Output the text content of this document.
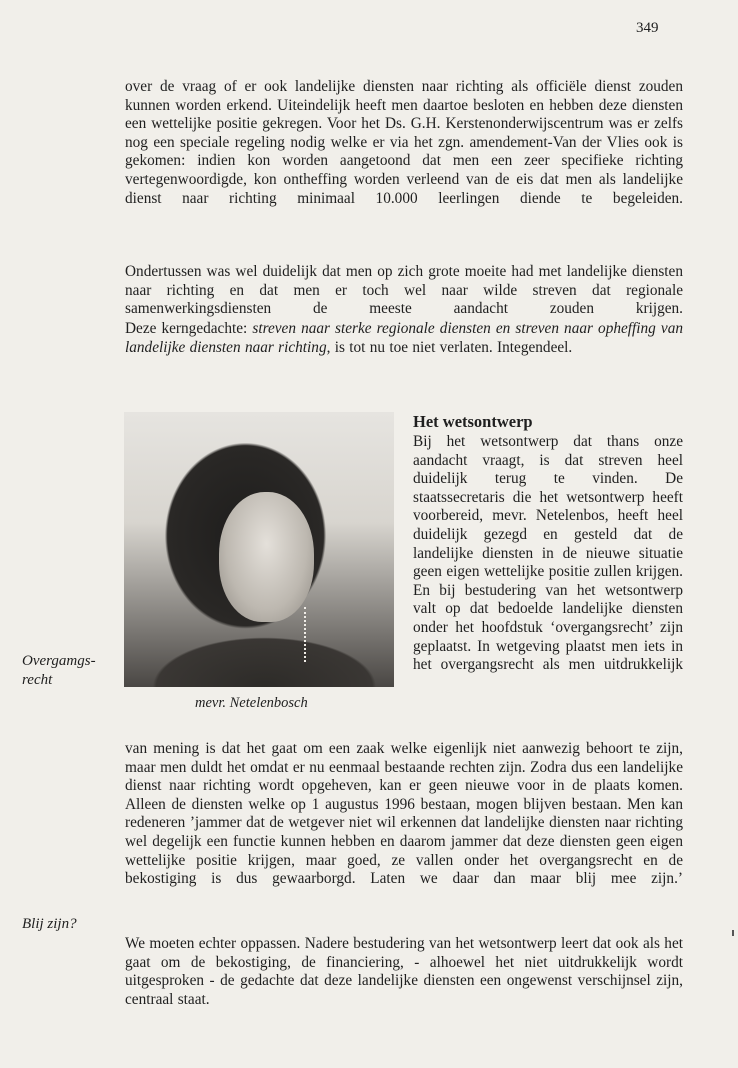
349

over de vraag of er ook landelijke diensten naar richting als officiële dienst zouden kunnen worden erkend. Uiteindelijk heeft men daartoe besloten en hebben deze diensten een wettelijke positie gekregen. Voor het Ds. G.H. Kerstenonderwijscentrum was er zelfs nog een speciale regeling nodig welke er via het zgn. amendement-Van der Vlies ook is gekomen: indien kon worden aangetoond dat men een zeer specifieke richting vertegenwoordigde, kon ontheffing worden verleend van de eis dat men als landelijke dienst naar richting minimaal 10.000 leerlingen diende te begeleiden.

Ondertussen was wel duidelijk dat men op zich grote moeite had met landelijke diensten naar richting en dat men er toch wel naar wilde streven dat regionale samenwerkingsdiensten de meeste aandacht zouden krijgen.

Deze kerngedachte: streven naar sterke regionale diensten en streven naar opheffing van landelijke diensten naar richting, is tot nu toe niet verlaten. Integendeel.

mevr. Netelenbosch
Het wetsontwerp

Bij het wetsontwerp dat thans onze aandacht vraagt, is dat streven heel duidelijk terug te vinden. De staatssecretaris die het wetsontwerp heeft voorbereid, mevr. Netelenbos, heeft heel duidelijk gezegd en gesteld dat de landelijke diensten in de nieuwe situatie geen eigen wettelijke positie zullen krijgen. En bij bestudering van het wetsontwerp valt op dat bedoelde landelijke diensten onder het hoofdstuk ‘overgangsrecht’ zijn geplaatst. In wetgeving plaatst men iets in het overgangsrecht als men uitdrukkelijk

van mening is dat het gaat om een zaak welke eigenlijk niet aanwezig behoort te zijn, maar men duldt het omdat er nu eenmaal bestaande rechten zijn. Zodra dus een landelijke dienst naar richting wordt opgeheven, kan er geen nieuwe voor in de plaats komen. Alleen de diensten welke op 1 augustus 1996 bestaan, mogen blijven bestaan. Men kan redeneren ’jammer dat de wetgever niet wil erkennen dat landelijke diensten naar richting wel degelijk een functie kunnen hebben en daarom jammer dat deze diensten geen eigen wettelijke positie krijgen, maar goed, ze vallen onder het overgangsrecht en de bekostiging is dus gewaarborgd. Laten we daar dan maar blij mee zijn.’

We moeten echter oppassen. Nadere bestudering van het wetsontwerp leert dat ook als het gaat om de bekostiging, de financiering, - alhoewel het niet uitdrukkelijk wordt uitgesproken - de gedachte dat deze landelijke diensten een ongewenst verschijnsel zijn, centraal staat.

Overgamgs-recht
Blij zijn?
